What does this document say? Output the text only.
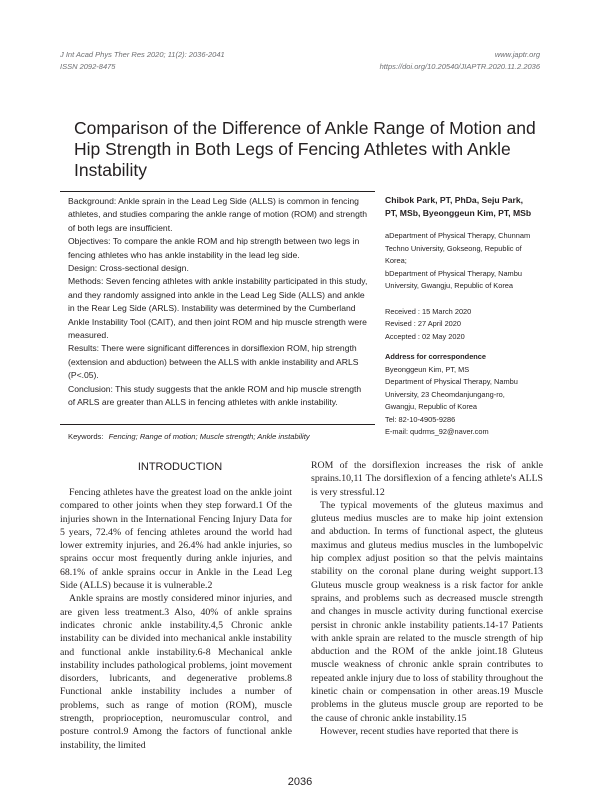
J Int Acad Phys Ther Res 2020; 11(2): 2036-2041
ISSN 2092-8475
www.japtr.org
https://doi.org/10.20540/JIAPTR.2020.11.2.2036
Comparison of the Difference of Ankle Range of Motion and
Hip Strength in Both Legs of Fencing Athletes with Ankle
Instability
Background: Ankle sprain in the Lead Leg Side (ALLS) is common in fencing
athletes, and studies comparing the ankle range of motion (ROM) and strength
of both legs are insufficient.
Objectives: To compare the ankle ROM and hip strength between two legs in
fencing athletes who has ankle instability in the lead leg side.
Design: Cross-sectional design.
Methods: Seven fencing athletes with ankle instability participated in this study,
and they randomly assigned into ankle in the Lead Leg Side (ALLS) and ankle
in the Rear Leg Side (ARLS). Instability was determined by the Cumberland
Ankle Instability Tool (CAIT), and then joint ROM and hip muscle strength were
measured.
Results: There were significant differences in dorsiflexion ROM, hip strength
(extension and abduction) between the ALLS with ankle instability and ARLS
(P<.05).
Conclusion: This study suggests that the ankle ROM and hip muscle strength
of ARLS are greater than ALLS in fencing athletes with ankle instability.
Keywords: Fencing; Range of motion; Muscle strength; Ankle instability
Chibok Park, PT, PhDa, Seju Park,
PT, MSb, Byeonggeun Kim, PT, MSb
aDepartment of Physical Therapy, Chunnam
Techno University, Gokseong, Republic of Korea;
bDepartment of Physical Therapy, Nambu
University, Gwangju, Republic of Korea
Received : 15 March 2020
Revised : 27 April 2020
Accepted : 02 May 2020
Address for correspondence
Byeonggeun Kim, PT, MS
Department of Physical Therapy, Nambu
University, 23 Cheomdanjungang-ro,
Gwangju, Republic of Korea
Tel: 82-10-4905-9286
E-mail: qudrms_92@naver.com
INTRODUCTION

Fencing athletes have the greatest load on the ankle joint compared to other joints when they step forward.1 Of the injuries shown in the International Fencing Injury Data for 5 years, 72.4% of fencing athletes around the world had lower extremity injuries, and 26.4% had ankle injuries, so sprains occur most frequently during ankle injuries, and 68.1% of ankle sprains occur in Ankle in the Lead Leg Side (ALLS) because it is vulnerable.2

Ankle sprains are mostly considered minor injuries, and are given less treatment.3 Also, 40% of ankle sprains indicates chronic ankle instability.4,5 Chronic ankle instability can be divided into mechanical ankle instability and functional ankle instability.6-8 Mechanical ankle instability includes pathological problems, joint movement disorders, lubricants, and degenerative problems.8 Functional ankle instability includes a number of problems, such as range of motion (ROM), muscle strength, proprioception, neuromuscular control, and posture control.9 Among the factors of functional ankle instability, the limited

ROM of the dorsiflexion increases the risk of ankle sprains.10,11 The dorsiflexion of a fencing athlete's ALLS is very stressful.12

The typical movements of the gluteus maximus and gluteus medius muscles are to make hip joint extension and abduction. In terms of functional aspect, the gluteus maximus and gluteus medius muscles in the lumbopelvic hip complex adjust position so that the pelvis maintains stability on the coronal plane during weight support.13 Gluteus muscle group weakness is a risk factor for ankle sprains, and problems such as decreased muscle strength and changes in muscle activity during functional exercise persist in chronic ankle instability patients.14-17 Patients with ankle sprain are related to the muscle strength of hip abduction and the ROM of the ankle joint.18 Gluteus muscle weakness of chronic ankle sprain contributes to repeated ankle injury due to loss of stability throughout the kinetic chain or compensation in other areas.19 Muscle problems in the gluteus muscle group are reported to be the cause of chronic ankle instability.15

However, recent studies have reported that there is

2036
